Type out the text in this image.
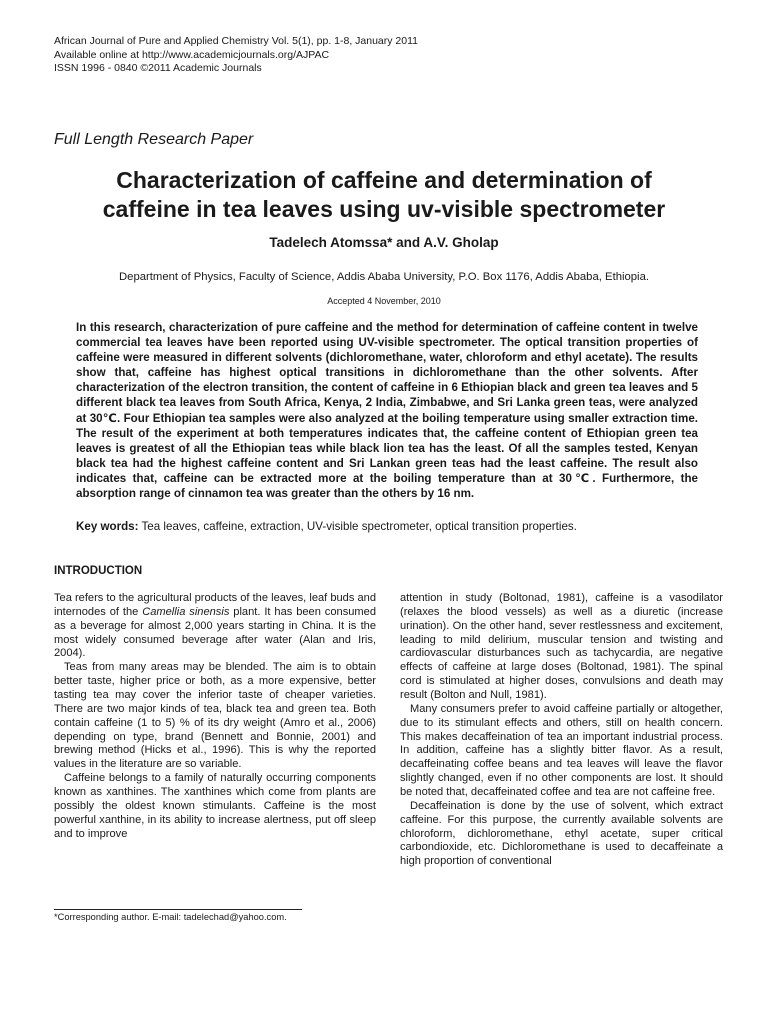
African Journal of Pure and Applied Chemistry Vol. 5(1), pp. 1-8, January 2011
Available online at http://www.academicjournals.org/AJPAC
ISSN 1996 - 0840 ©2011 Academic Journals
Full Length Research Paper
Characterization of caffeine and determination of
caffeine in tea leaves using uv-visible spectrometer
Tadelech Atomssa* and A.V. Gholap
Department of Physics, Faculty of Science, Addis Ababa University, P.O. Box 1176, Addis Ababa, Ethiopia.
Accepted 4 November, 2010
In this research, characterization of pure caffeine and the method for determination of caffeine content in twelve commercial tea leaves have been reported using UV-visible spectrometer. The optical transition properties of caffeine were measured in different solvents (dichloromethane, water, chloroform and ethyl acetate). The results show that, caffeine has highest optical transitions in dichloromethane than the other solvents. After characterization of the electron transition, the content of caffeine in 6 Ethiopian black and green tea leaves and 5 different black tea leaves from South Africa, Kenya, 2 India, Zimbabwe, and Sri Lanka green teas, were analyzed at 30℃. Four Ethiopian tea samples were also analyzed at the boiling temperature using smaller extraction time. The result of the experiment at both temperatures indicates that, the caffeine content of Ethiopian green tea leaves is greatest of all the Ethiopian teas while black lion tea has the least. Of all the samples tested, Kenyan black tea had the highest caffeine content and Sri Lankan green teas had the least caffeine. The result also indicates that, caffeine can be extracted more at the boiling temperature than at 30℃. Furthermore, the absorption range of cinnamon tea was greater than the others by 16 nm.
Key words: Tea leaves, caffeine, extraction, UV-visible spectrometer, optical transition properties.
INTRODUCTION

Tea refers to the agricultural products of the leaves, leaf buds and internodes of the Camellia sinensis plant. It has been consumed as a beverage for almost 2,000 years starting in China. It is the most widely consumed beverage after water (Alan and Iris, 2004).

Teas from many areas may be blended. The aim is to obtain better taste, higher price or both, as a more expensive, better tasting tea may cover the inferior taste of cheaper varieties. There are two major kinds of tea, black tea and green tea. Both contain caffeine (1 to 5) % of its dry weight (Amro et al., 2006) depending on type, brand (Bennett and Bonnie, 2001) and brewing method (Hicks et al., 1996). This is why the reported values in the literature are so variable.

Caffeine belongs to a family of naturally occurring components known as xanthines. The xanthines which come from plants are possibly the oldest known stimulants. Caffeine is the most powerful xanthine, in its ability to increase alertness, put off sleep and to improve

attention in study (Boltonad, 1981), caffeine is a vasodilator (relaxes the blood vessels) as well as a diuretic (increase urination). On the other hand, sever restlessness and excitement, leading to mild delirium, muscular tension and twisting and cardiovascular disturbances such as tachycardia, are negative effects of caffeine at large doses (Boltonad, 1981). The spinal cord is stimulated at higher doses, convulsions and death may result (Bolton and Null, 1981).

Many consumers prefer to avoid caffeine partially or altogether, due to its stimulant effects and others, still on health concern. This makes decaffeination of tea an important industrial process. In addition, caffeine has a slightly bitter flavor. As a result, decaffeinating coffee beans and tea leaves will leave the flavor slightly changed, even if no other components are lost. It should be noted that, decaffeinated coffee and tea are not caffeine free.

Decaffeination is done by the use of solvent, which extract caffeine. For this purpose, the currently available solvents are chloroform, dichloromethane, ethyl acetate, super critical carbondioxide, etc. Dichloromethane is used to decaffeinate a high proportion of conventional

*Corresponding author. E-mail: tadelechad@yahoo.com.
